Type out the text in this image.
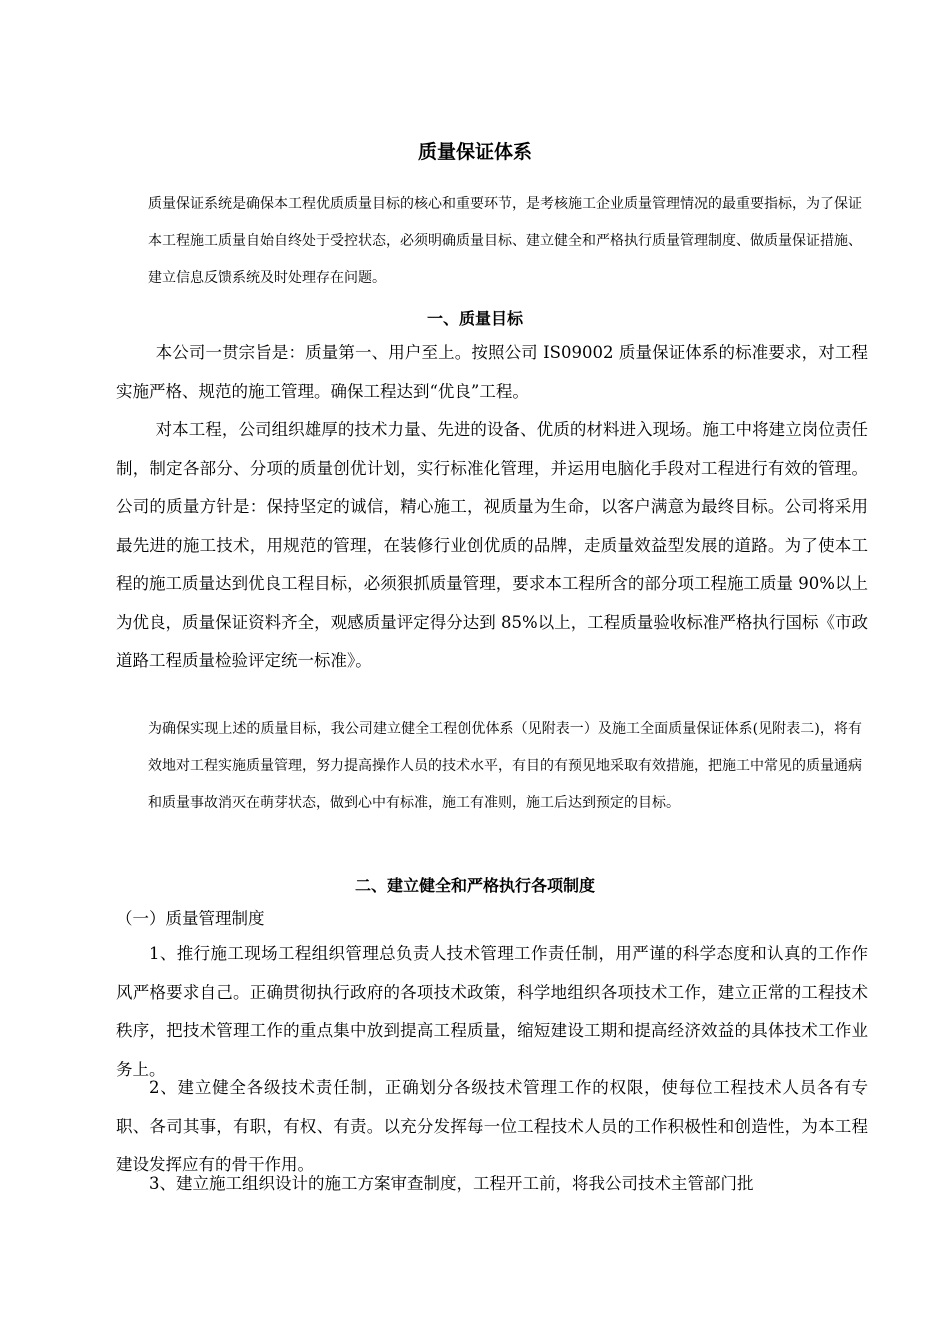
质量保证体系
质量保证系统是确保本工程优质质量目标的核心和重要环节，是考核施工企业质量管理情况的最重要指标，为了保证本工程施工质量自始自终处于受控状态，必须明确质量目标、建立健全和严格执行质量管理制度、做质量保证措施、建立信息反馈系统及时处理存在问题。
一、质量目标
本公司一贯宗旨是：质量第一、用户至上。按照公司 IS09002 质量保证体系的标准要求，对工程实施严格、规范的施工管理。确保工程达到“优良”工程。
对本工程，公司组织雄厚的技术力量、先进的设备、优质的材料进入现场。施工中将建立岗位责任制，制定各部分、分项的质量创优计划，实行标准化管理，并运用电脑化手段对工程进行有效的管理。公司的质量方针是：保持坚定的诚信，精心施工，视质量为生命，以客户满意为最终目标。公司将采用最先进的施工技术，用规范的管理，在装修行业创优质的品牌，走质量效益型发展的道路。为了使本工程的施工质量达到优良工程目标，必须狠抓质量管理，要求本工程所含的部分项工程施工质量 90%以上为优良，质量保证资料齐全，观感质量评定得分达到 85%以上，工程质量验收标准严格执行国标《市政道路工程质量检验评定统一标准》。
为确保实现上述的质量目标，我公司建立健全工程创优体系（见附表一）及施工全面质量保证体系(见附表二)，将有效地对工程实施质量管理，努力提高操作人员的技术水平，有目的有预见地采取有效措施，把施工中常见的质量通病和质量事故消灭在萌芽状态，做到心中有标准，施工有准则，施工后达到预定的目标。
二、建立健全和严格执行各项制度
（一）质量管理制度
1、推行施工现场工程组织管理总负责人技术管理工作责任制，用严谨的科学态度和认真的工作作风严格要求自己。正确贯彻执行政府的各项技术政策，科学地组织各项技术工作，建立正常的工程技术秩序，把技术管理工作的重点集中放到提高工程质量，缩短建设工期和提高经济效益的具体技术工作业务上。
2、建立健全各级技术责任制，正确划分各级技术管理工作的权限，使每位工程技术人员各有专职、各司其事，有职，有权、有责。以充分发挥每一位工程技术人员的工作积极性和创造性，为本工程建设发挥应有的骨干作用。
3、建立施工组织设计的施工方案审查制度，工程开工前，将我公司技术主管部门批
